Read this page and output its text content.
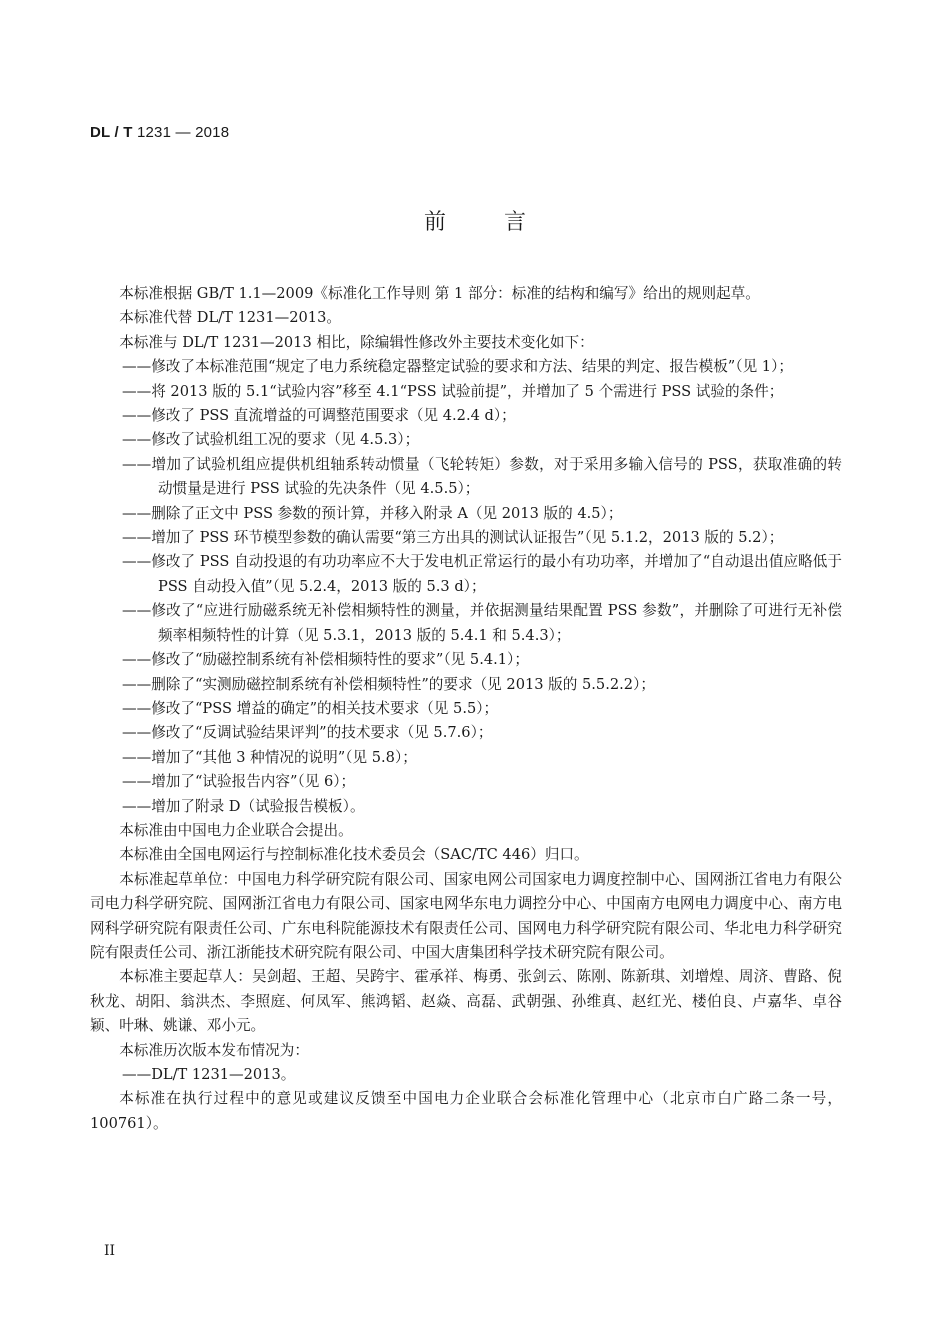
DL / T 1231 — 2018
前	言

本标准根据 GB/T 1.1—2009《标准化工作导则 第 1 部分：标准的结构和编写》给出的规则起草。

本标准代替 DL/T 1231—2013。

本标准与 DL/T 1231—2013 相比，除编辑性修改外主要技术变化如下：

——修改了本标准范围“规定了电力系统稳定器整定试验的要求和方法、结果的判定、报告模板”（见 1）；

——将 2013 版的 5.1“试验内容”移至 4.1“PSS 试验前提”，并增加了 5 个需进行 PSS 试验的条件；

——修改了 PSS 直流增益的可调整范围要求（见 4.2.4 d）；

——修改了试验机组工况的要求（见 4.5.3）；

——增加了试验机组应提供机组轴系转动惯量（飞轮转矩）参数，对于采用多输入信号的 PSS，获取准确的转动惯量是进行 PSS 试验的先决条件（见 4.5.5）；

——删除了正文中 PSS 参数的预计算，并移入附录 A（见 2013 版的 4.5）；

——增加了 PSS 环节模型参数的确认需要“第三方出具的测试认证报告”（见 5.1.2，2013 版的 5.2）；

——修改了 PSS 自动投退的有功功率应不大于发电机正常运行的最小有功功率，并增加了“自动退出值应略低于 PSS 自动投入值”（见 5.2.4，2013 版的 5.3 d）；

——修改了“应进行励磁系统无补偿相频特性的测量，并依据测量结果配置 PSS 参数”，并删除了可进行无补偿频率相频特性的计算（见 5.3.1，2013 版的 5.4.1 和 5.4.3）；

——修改了“励磁控制系统有补偿相频特性的要求”（见 5.4.1）；

——删除了“实测励磁控制系统有补偿相频特性”的要求（见 2013 版的 5.5.2.2）；

——修改了“PSS 增益的确定”的相关技术要求（见 5.5）；

——修改了“反调试验结果评判”的技术要求（见 5.7.6）；

——增加了“其他 3 种情况的说明”（见 5.8）；

——增加了“试验报告内容”（见 6）；

——增加了附录 D（试验报告模板）。

本标准由中国电力企业联合会提出。

本标准由全国电网运行与控制标准化技术委员会（SAC/TC 446）归口。

本标准起草单位：中国电力科学研究院有限公司、国家电网公司国家电力调度控制中心、国网浙江省电力有限公司电力科学研究院、国网浙江省电力有限公司、国家电网华东电力调控分中心、中国南方电网电力调度中心、南方电网科学研究院有限责任公司、广东电科院能源技术有限责任公司、国网电力科学研究院有限公司、华北电力科学研究院有限责任公司、浙江浙能技术研究院有限公司、中国大唐集团科学技术研究院有限公司。

本标准主要起草人：吴剑超、王超、吴跨宇、霍承祥、梅勇、张剑云、陈刚、陈新琪、刘增煌、周济、曹路、倪秋龙、胡阳、翁洪杰、李照庭、何凤军、熊鸿韬、赵焱、高磊、武朝强、孙维真、赵红光、楼伯良、卢嘉华、卓谷颖、叶琳、姚谦、邓小元。

本标准历次版本发布情况为：

——DL/T 1231—2013。

本标准在执行过程中的意见或建议反馈至中国电力企业联合会标准化管理中心（北京市白广路二条一号，100761）。

II
